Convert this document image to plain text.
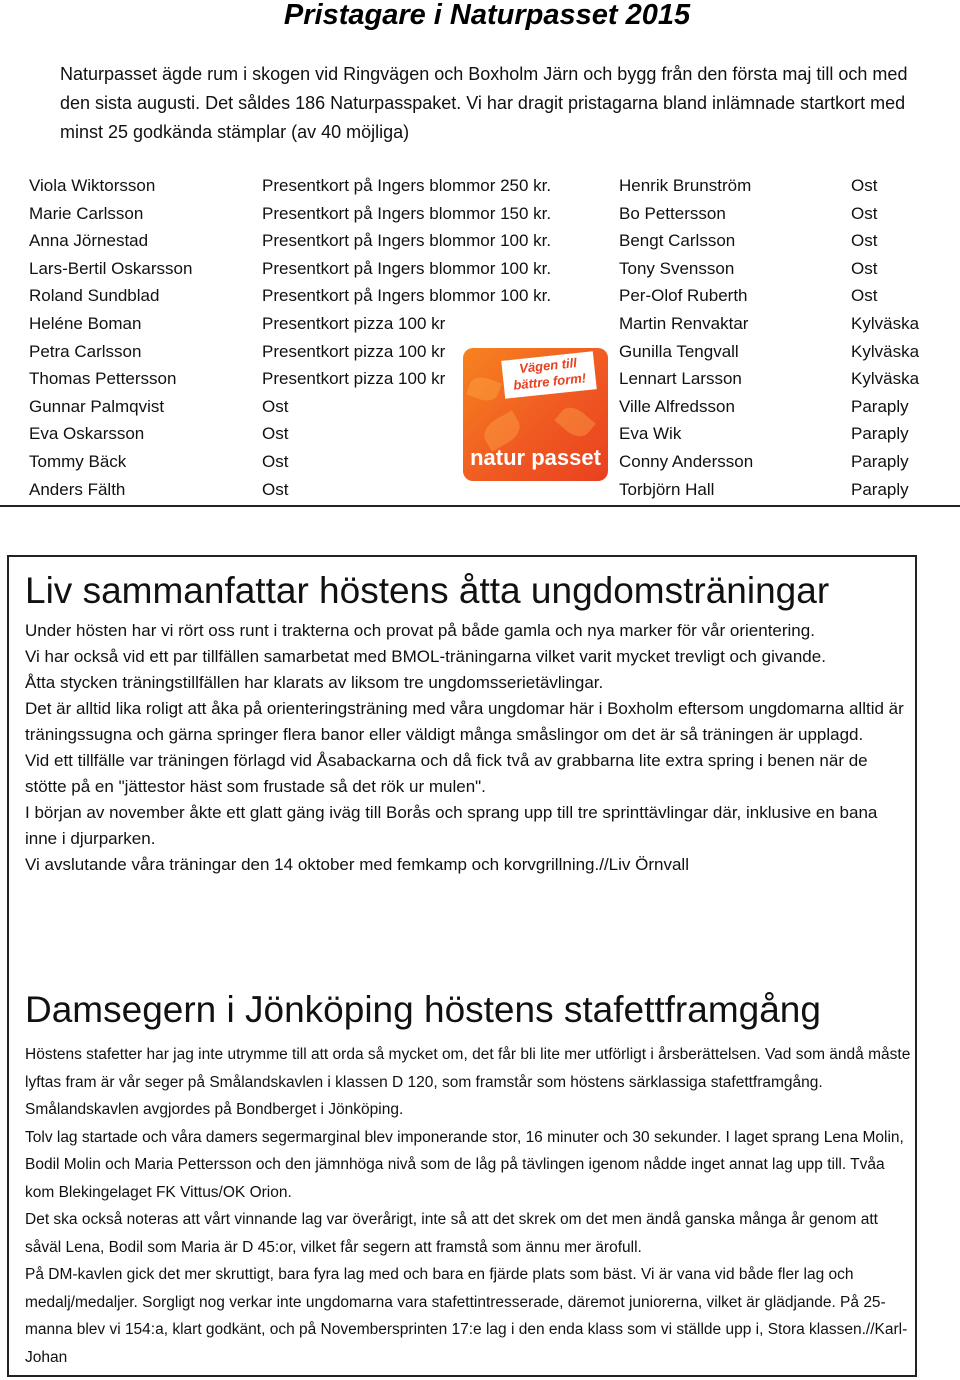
Pristagare i Naturpasset 2015
Naturpasset ägde rum i skogen vid Ringvägen och Boxholm Järn och bygg från den första maj till och med den sista augusti. Det såldes 186 Naturpasspaket. Vi har dragit pristagarna bland inlämnade startkort med minst 25 godkända stämplar (av 40 möjliga)
Viola Wiktorsson	Presentkort på Ingers blommor 250 kr.	Henrik Brunström	Ost
Marie Carlsson	Presentkort på Ingers blommor 150 kr.	Bo Pettersson	Ost
Anna Jörnestad	Presentkort på Ingers blommor 100 kr.	Bengt Carlsson	Ost
Lars-Bertil Oskarsson	Presentkort på Ingers blommor 100 kr.	Tony Svensson	Ost
Roland Sundblad	Presentkort på Ingers blommor 100 kr.	Per-Olof Ruberth	Ost
Heléne Boman	Presentkort pizza 100 kr	Martin Renvaktar	Kylväska
Petra Carlsson	Presentkort pizza 100 kr	Gunilla Tengvall	Kylväska
Thomas Pettersson	Presentkort pizza 100 kr	Lennart Larsson	Kylväska
Gunnar Palmqvist	Ost	Ville Alfredsson	Paraply
Eva Oskarsson	Ost	Eva Wik	Paraply
Tommy Bäck	Ost	Conny Andersson	Paraply
Anders Fälth	Ost	Torbjörn Hall	Paraply
Vägen till bättre form!
natur passet
Liv sammanfattar höstens åtta ungdomsträningar

Under hösten har vi rört oss runt i trakterna och provat på både gamla och nya marker för vår orientering.

Vi har också vid ett par tillfällen samarbetat med BMOL-träningarna vilket varit mycket trevligt och givande.

Åtta stycken träningstillfällen har klarats av liksom tre ungdomsserietävlingar.

Det är alltid lika roligt att åka på orienteringsträning med våra ungdomar här i Boxholm eftersom ungdomarna alltid är träningssugna och gärna springer flera banor eller väldigt många småslingor om det är så träningen är upplagd.

Vid ett tillfälle var träningen förlagd vid Åsabackarna och då fick två av grabbarna lite extra spring i benen när de stötte på en "jättestor häst som frustade så det rök ur mulen".

I början av november åkte ett glatt gäng iväg till Borås och sprang upp till tre sprinttävlingar där, inklusive en bana inne i djurparken.

Vi avslutande våra träningar den 14 oktober med femkamp och korvgrillning.//Liv Örnvall

Damsegern i Jönköping höstens stafettframgång

Höstens stafetter har jag inte utrymme till att orda så mycket om, det får bli lite mer utförligt i årsberättelsen. Vad som ändå måste lyftas fram är vår seger på Smålandskavlen i klassen D 120, som framstår som höstens särklassiga stafettframgång. Smålandskavlen avgjordes på Bondberget i Jönköping.

Tolv lag startade och våra damers segermarginal blev imponerande stor, 16 minuter och 30 sekunder. I laget sprang Lena Molin, Bodil Molin och Maria Pettersson och den jämnhöga nivå som de låg på tävlingen igenom nådde inget annat lag upp till. Tvåa kom Blekingelaget FK Vittus/OK Orion.

Det ska också noteras att vårt vinnande lag var överårigt, inte så att det skrek om det men ändå ganska många år genom att såväl Lena, Bodil som Maria är D 45:or, vilket får segern att framstå som ännu mer ärofull.

På DM-kavlen gick det mer skruttigt, bara fyra lag med och bara en fjärde plats som bäst. Vi är vana vid både fler lag och medalj/medaljer. Sorgligt nog verkar inte ungdomarna vara stafettintresserade, däremot juniorerna, vilket är glädjande. På 25-manna blev vi 154:a, klart godkänt, och på Novembersprinten 17:e lag i den enda klass som vi ställde upp i, Stora klassen.//Karl-Johan
